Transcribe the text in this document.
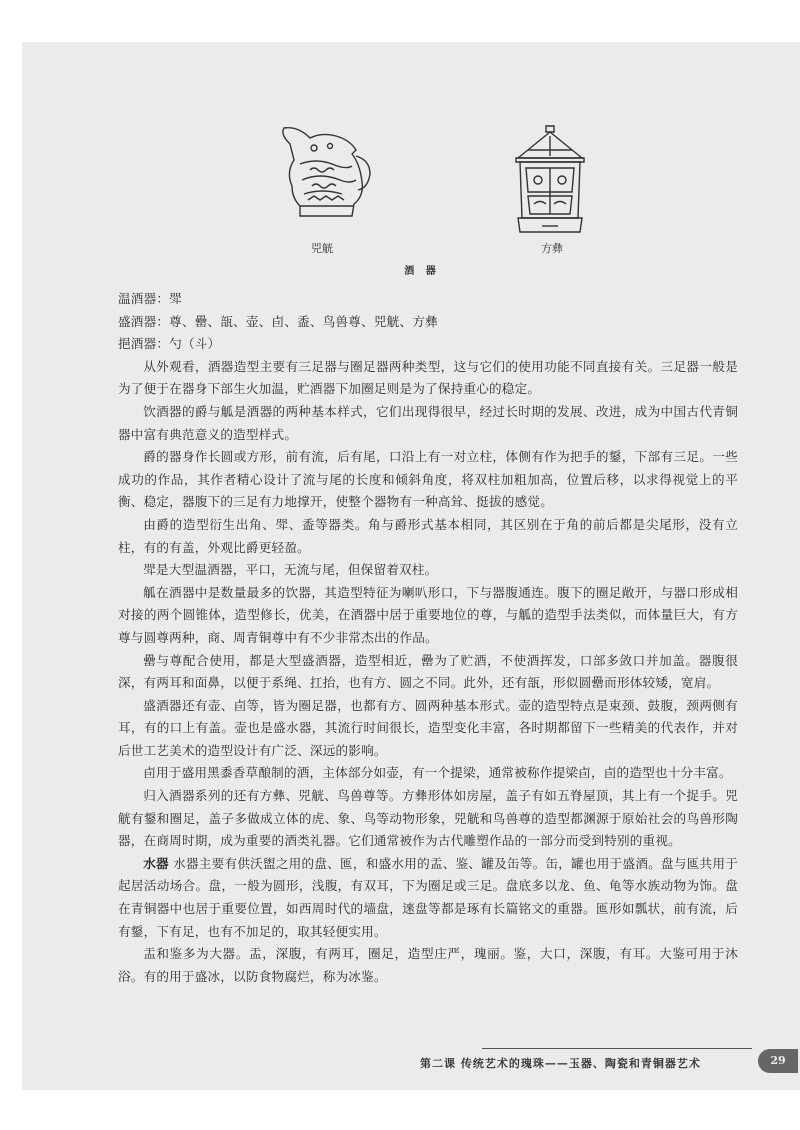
兕觥	方彝
酒 器

温酒器：斝

盛酒器：尊、罍、瓿、壶、卣、盉、鸟兽尊、兕觥、方彝

挹酒器：勺（斗）

从外观看，酒器造型主要有三足器与圈足器两种类型，这与它们的使用功能不同直接有关。三足器一般是为了便于在器身下部生火加温，贮酒器下加圈足则是为了保持重心的稳定。

饮酒器的爵与觚是酒器的两种基本样式，它们出现得很早，经过长时期的发展、改进，成为中国古代青铜器中富有典范意义的造型样式。

爵的器身作长圆或方形，前有流，后有尾，口沿上有一对立柱，体侧有作为把手的鋬，下部有三足。一些成功的作品，其作者精心设计了流与尾的长度和倾斜角度，将双柱加粗加高，位置后移，以求得视觉上的平衡、稳定，器腹下的三足有力地撑开，使整个器物有一种高耸、挺拔的感觉。

由爵的造型衍生出角、斝、盉等器类。角与爵形式基本相同，其区别在于角的前后都是尖尾形，没有立柱，有的有盖，外观比爵更轻盈。

斝是大型温酒器，平口，无流与尾，但保留着双柱。

觚在酒器中是数量最多的饮器，其造型特征为喇叭形口，下与器腹通连。腹下的圈足敞开，与器口形成相对接的两个圆锥体，造型修长，优美，在酒器中居于重要地位的尊，与觚的造型手法类似，而体量巨大，有方尊与圆尊两种，商、周青铜尊中有不少非常杰出的作品。

罍与尊配合使用，都是大型盛酒器，造型相近，罍为了贮酒，不使酒挥发，口部多敛口并加盖。器腹很深，有两耳和面鼻，以便于系绳、扛抬，也有方、圆之不同。此外，还有瓿，形似圆罍而形体较矮，宽肩。

盛酒器还有壶、卣等，皆为圈足器，也都有方、圆两种基本形式。壶的造型特点是束颈、鼓腹，颈两侧有耳，有的口上有盖。壶也是盛水器，其流行时间很长，造型变化丰富，各时期都留下一些精美的代表作，并对后世工艺美术的造型设计有广泛、深远的影响。

卣用于盛用黑黍香草酿制的酒，主体部分如壶，有一个提梁，通常被称作提梁卣，卣的造型也十分丰富。

归入酒器系列的还有方彝、兕觥、鸟兽尊等。方彝形体如房屋，盖子有如五脊屋顶，其上有一个捉手。兕觥有鋬和圈足，盖子多做成立体的虎、象、鸟等动物形象，兕觥和鸟兽尊的造型都渊源于原始社会的鸟兽形陶器，在商周时期，成为重要的酒类礼器。它们通常被作为古代雕塑作品的一部分而受到特别的重视。

水器 水器主要有供沃盥之用的盘、匜，和盛水用的盂、鉴、罐及缶等。缶，罐也用于盛酒。盘与匜共用于起居活动场合。盘，一般为圆形，浅腹，有双耳，下为圈足或三足。盘底多以龙、鱼、龟等水族动物为饰。盘在青铜器中也居于重要位置，如西周时代的墙盘，逨盘等都是琢有长篇铭文的重器。匜形如瓢状，前有流，后有鋬，下有足，也有不加足的，取其轻便实用。

盂和鉴多为大器。盂，深腹，有两耳，圈足，造型庄严，瑰丽。鉴，大口，深腹，有耳。大鉴可用于沐浴。有的用于盛冰，以防食物腐烂，称为冰鉴。

第二课 传统艺术的瑰珠——玉器、陶瓷和青铜器艺术	29
